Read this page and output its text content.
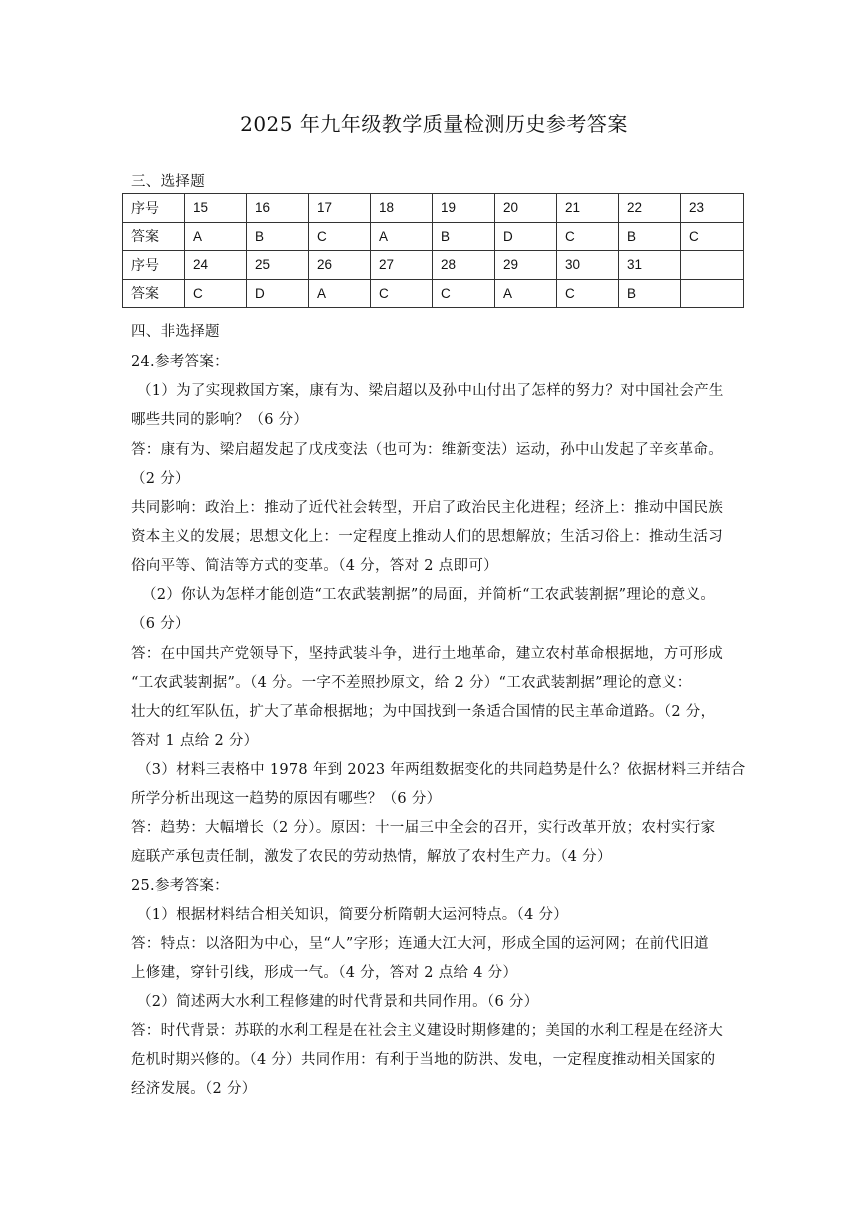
2025 年九年级教学质量检测历史参考答案
三、选择题
序号	15	16	17	18	19	20	21	22	23
答案	A	B	C	A	B	D	C	B	C
序号	24	25	26	27	28	29	30	31	
答案	C	D	A	C	C	A	C	B	
四、非选择题
24.参考答案：
（1）为了实现救国方案，康有为、梁启超以及孙中山付出了怎样的努力？对中国社会产生
哪些共同的影响？（6 分）
答：康有为、梁启超发起了戊戌变法（也可为：维新变法）运动，孙中山发起了辛亥革命。
（2 分）
共同影响：政治上：推动了近代社会转型，开启了政治民主化进程；经济上：推动中国民族
资本主义的发展；思想文化上：一定程度上推动人们的思想解放；生活习俗上：推动生活习
俗向平等、简洁等方式的变革。（4 分，答对 2 点即可）
（2）你认为怎样才能创造“工农武装割据”的局面，并简析“工农武装割据”理论的意义。
（6 分）
答：在中国共产党领导下，坚持武装斗争，进行土地革命，建立农村革命根据地，方可形成
“工农武装割据”。（4 分。一字不差照抄原文，给 2 分）“工农武装割据”理论的意义：
壮大的红军队伍，扩大了革命根据地；为中国找到一条适合国情的民主革命道路。（2 分，
答对 1 点给 2 分）
（3）材料三表格中 1978 年到 2023 年两组数据变化的共同趋势是什么？依据材料三并结合
所学分析出现这一趋势的原因有哪些？（6 分）
答：趋势：大幅增长（2 分）。原因：十一届三中全会的召开，实行改革开放；农村实行家
庭联产承包责任制，激发了农民的劳动热情，解放了农村生产力。（4 分）
25.参考答案：
（1）根据材料结合相关知识，简要分析隋朝大运河特点。（4 分）
答：特点：以洛阳为中心，呈“人”字形；连通大江大河，形成全国的运河网；在前代旧道
上修建，穿针引线，形成一气。（4 分，答对 2 点给 4 分）
（2）简述两大水利工程修建的时代背景和共同作用。（6 分）
答：时代背景：苏联的水利工程是在社会主义建设时期修建的；美国的水利工程是在经济大
危机时期兴修的。（4 分）共同作用：有利于当地的防洪、发电，一定程度推动相关国家的
经济发展。（2 分）
